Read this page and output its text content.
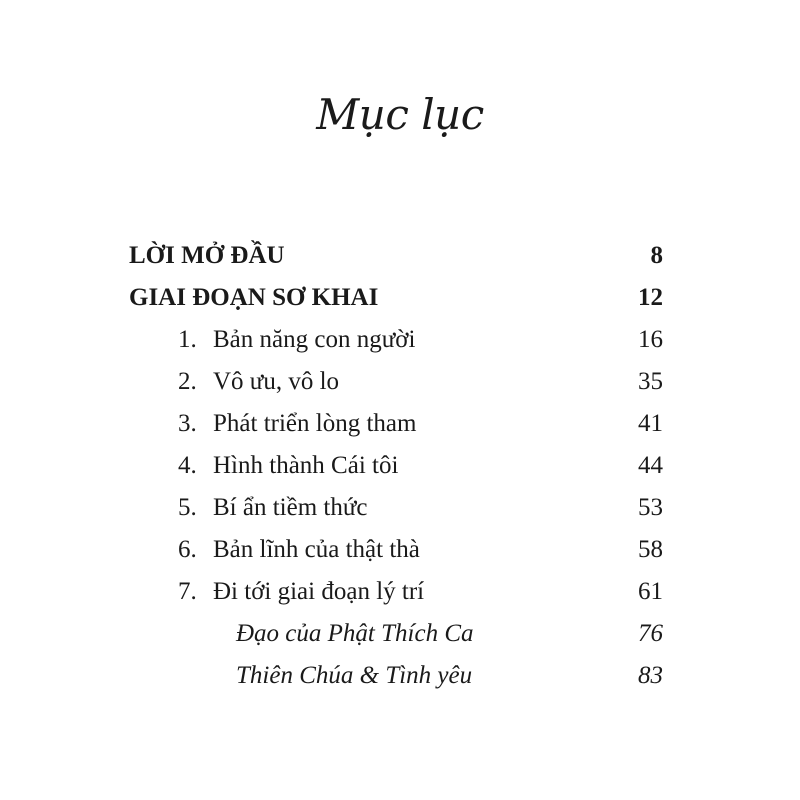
Mục lục
LỜI MỞ ĐẦU	8
GIAI ĐOẠN SƠ KHAI	12
1. Bản năng con người	16
2. Vô ưu, vô lo	35
3. Phát triển lòng tham	41
4. Hình thành Cái tôi	44
5. Bí ẩn tiềm thức	53
6. Bản lĩnh của thật thà	58
7. Đi tới giai đoạn lý trí	61
Đạo của Phật Thích Ca	76
Thiên Chúa & Tình yêu	83
